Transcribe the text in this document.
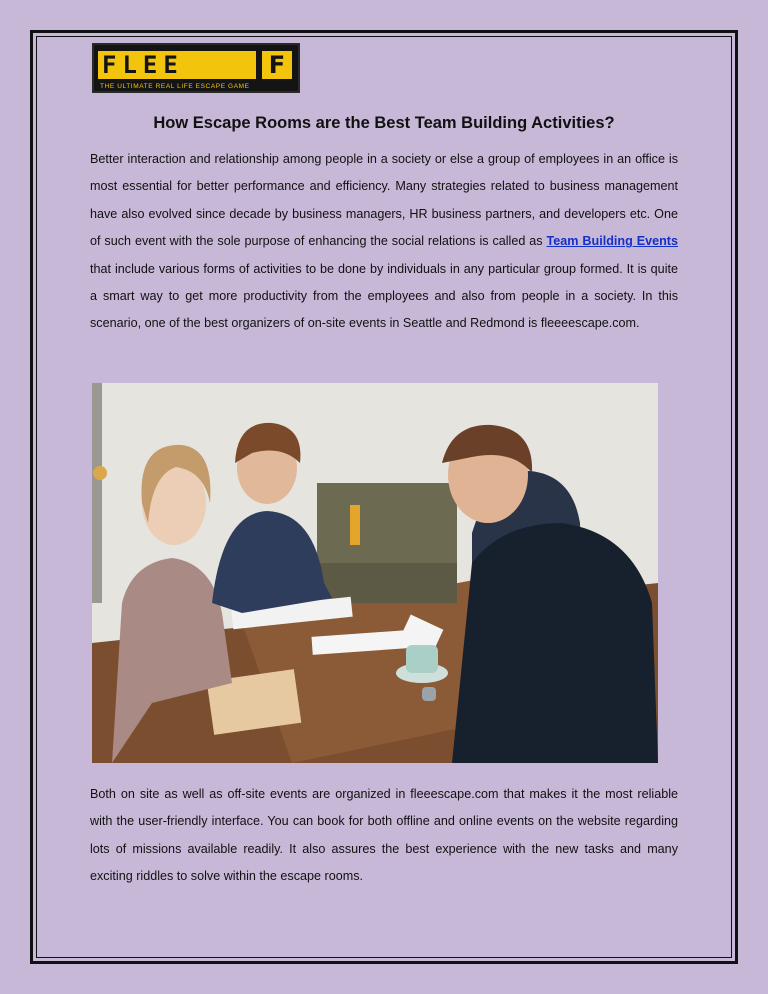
FLEE	F
THE ULTIMATE REAL LIFE ESCAPE GAME
How Escape Rooms are the Best Team Building Activities?

Better interaction and relationship among people in a society or else a group of employees in an office is most essential for better performance and efficiency. Many strategies related to business management have also evolved since decade by business managers, HR business partners, and developers etc. One of such event with the sole purpose of enhancing the social relations is called as Team Building Events that include various forms of activities to be done by individuals in any particular group formed. It is quite a smart way to get more productivity from the employees and also from people in a society. In this scenario, one of the best organizers of on-site events in Seattle and Redmond is fleeeescape.com.

Both on site as well as off-site events are organized in fleeescape.com that makes it the most reliable with the user-friendly interface. You can book for both offline and online events on the website regarding lots of missions available readily. It also assures the best experience with the new tasks and many exciting riddles to solve within the escape rooms.
